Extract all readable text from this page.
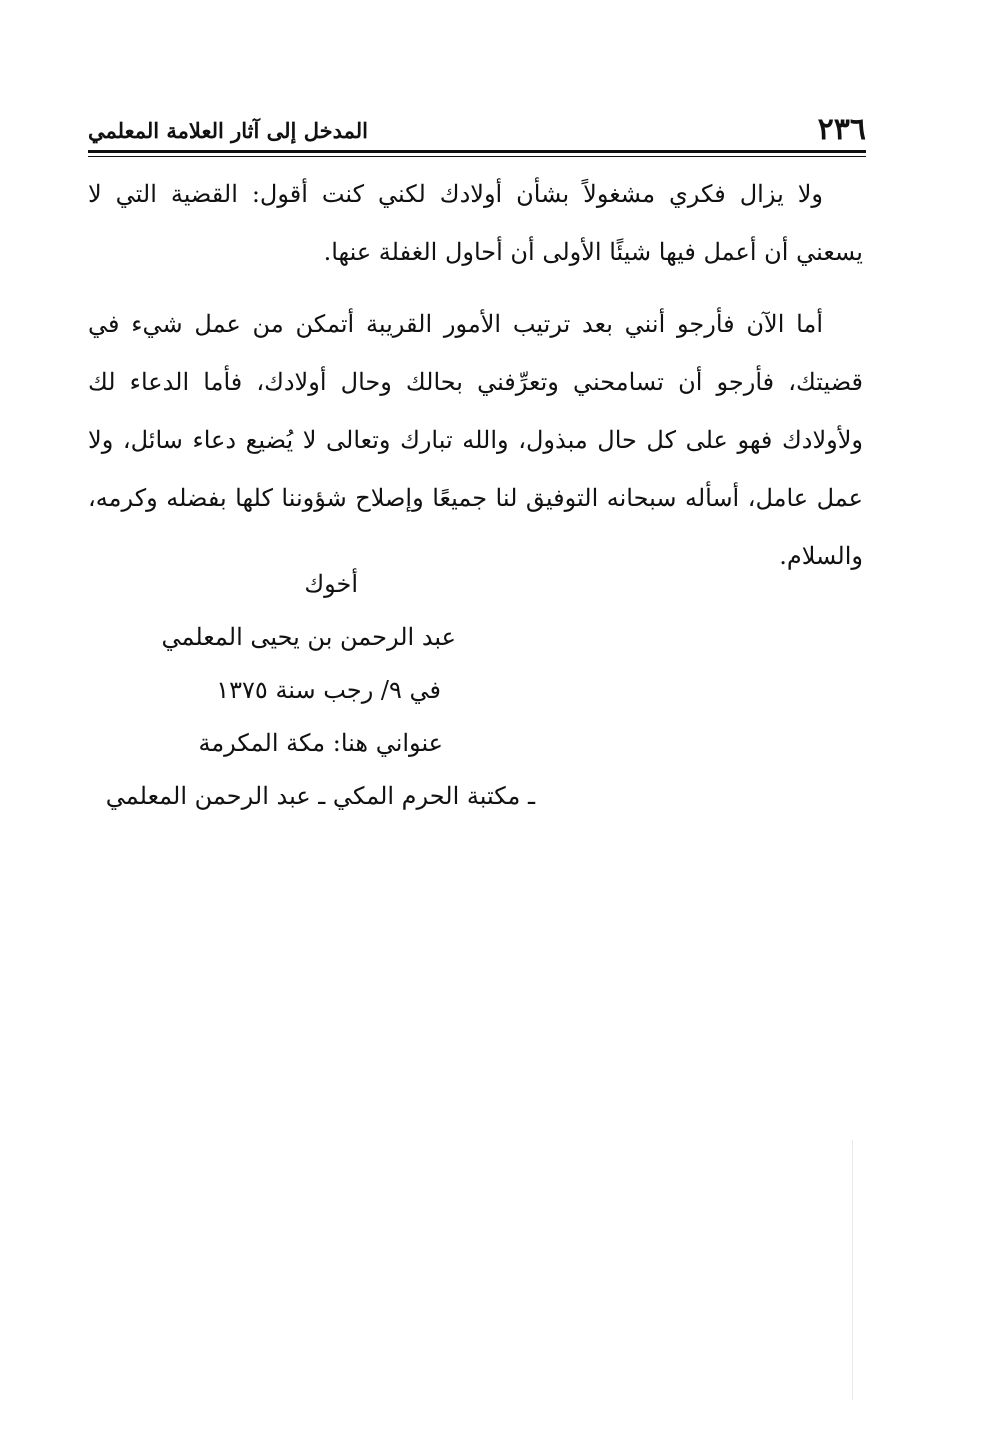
٢٣٦
المدخل إلى آثار العلامة المعلمي

ولا يزال فكري مشغولاً بشأن أولادك لكني كنت أقول: القضية التي لا يسعني أن أعمل فيها شيئًا الأولى أن أحاول الغفلة عنها.

أما الآن فأرجو أنني بعد ترتيب الأمور القريبة أتمكن من عمل شيء في قضيتك، فأرجو أن تسامحني وتعرِّفني بحالك وحال أولادك، فأما الدعاء لك ولأولادك فهو على كل حال مبذول، والله تبارك وتعالى لا يُضيع دعاء سائل، ولا عمل عامل، أسأله سبحانه التوفيق لنا جميعًا وإصلاح شؤوننا كلها بفضله وكرمه، والسلام.

أخوك
عبد الرحمن بن يحيى المعلمي
في ٩/ رجب سنة ١٣٧٥
عنواني هنا: مكة المكرمة
ـ مكتبة الحرم المكي ـ عبد الرحمن المعلمي
